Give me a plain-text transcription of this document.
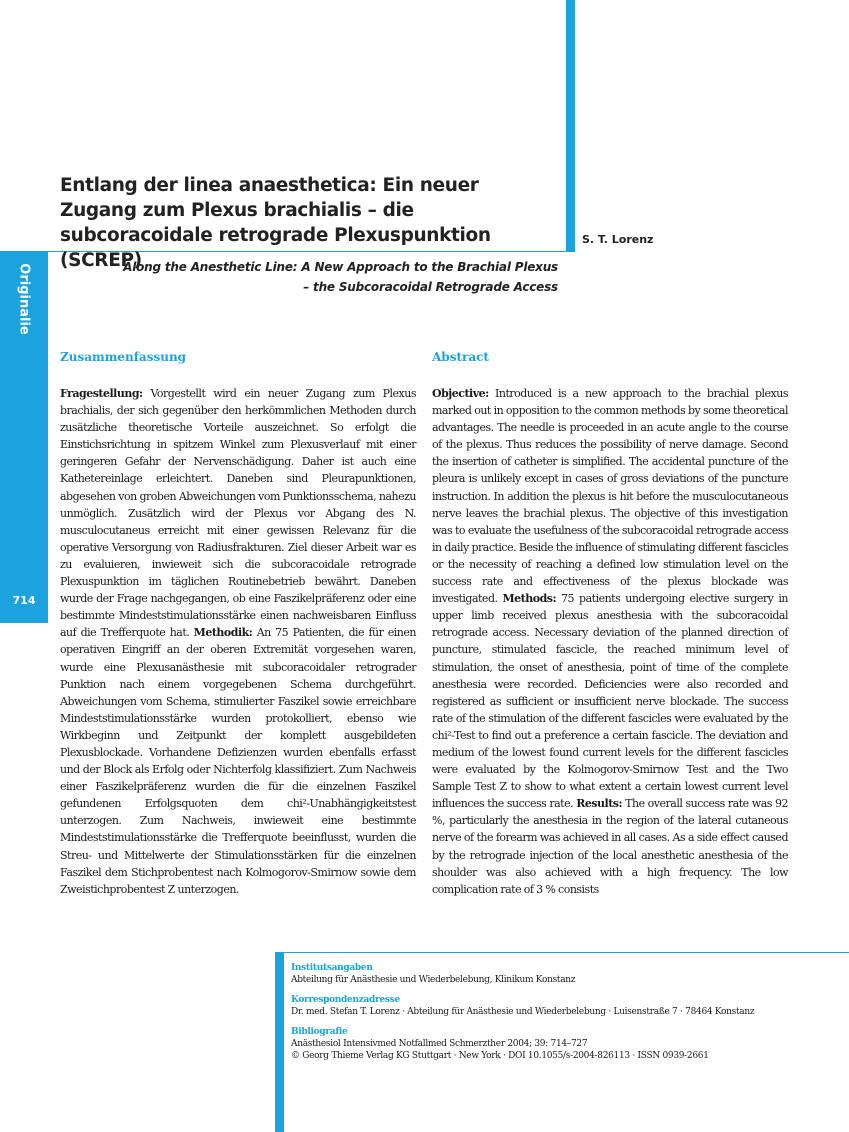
Originalie
714
Entlang der linea anaesthetica: Ein neuer Zugang zum Plexus brachialis – die subcoracoidale retrograde Plexuspunktion (SCREP)
S. T. Lorenz

Along the Anesthetic Line: A New Approach to the Brachial Plexus – the Subcoracoidal Retrograde Access

Zusammenfassung	Abstract

Fragestellung: Vorgestellt wird ein neuer Zugang zum Plexus brachialis, der sich gegenüber den herkömmlichen Methoden durch zusätzliche theoretische Vorteile auszeichnet. So erfolgt die Einstichsrichtung in spitzem Winkel zum Plexusverlauf mit einer geringeren Gefahr der Nervenschädigung. Daher ist auch eine Kathetereinlage erleichtert. Daneben sind Pleurapunktionen, abgesehen von groben Abweichungen vom Punktionsschema, nahezu unmöglich. Zusätzlich wird der Plexus vor Abgang des N. musculocutaneus erreicht mit einer gewissen Relevanz für die operative Versorgung von Radiusfrakturen. Ziel dieser Arbeit war es zu evaluieren, inwieweit sich die subcoracoidale retrograde Plexuspunktion im täglichen Routinebetrieb bewährt. Daneben wurde der Frage nachgegangen, ob eine Faszikelpräferenz oder eine bestimmte Mindeststimulationsstärke einen nachweisbaren Einfluss auf die Trefferquote hat. Methodik: An 75 Patienten, die für einen operativen Eingriff an der oberen Extremität vorgesehen waren, wurde eine Plexusanästhesie mit subcoracoidaler retrograder Punktion nach einem vorgegebenen Schema durchgeführt. Abweichungen vom Schema, stimulierter Faszikel sowie erreichbare Mindeststimulationsstärke wurden protokolliert, ebenso wie Wirkbeginn und Zeitpunkt der komplett ausgebildeten Plexusblockade. Vorhandene Defizienzen wurden ebenfalls erfasst und der Block als Erfolg oder Nichterfolg klassifiziert. Zum Nachweis einer Faszikelpräferenz wurden die für die einzelnen Faszikel gefundenen Erfolgsquoten dem chi²-Unabhängigkeitstest unterzogen. Zum Nachweis, inwieweit eine bestimmte Mindeststimulationsstärke die Trefferquote beeinflusst, wurden die Streu- und Mittelwerte der Stimulationsstärken für die einzelnen Faszikel dem Stichprobentest nach Kolmogorov-Smirnow sowie dem Zweistichprobentest Z unterzogen.

Objective: Introduced is a new approach to the brachial plexus marked out in opposition to the common methods by some theoretical advantages. The needle is proceeded in an acute angle to the course of the plexus. Thus reduces the possibility of nerve damage. Second the insertion of catheter is simplified. The accidental puncture of the pleura is unlikely except in cases of gross deviations of the puncture instruction. In addition the plexus is hit before the musculocutaneous nerve leaves the brachial plexus. The objective of this investigation was to evaluate the usefulness of the subcoracoidal retrograde access in daily practice. Beside the influence of stimulating different fascicles or the necessity of reaching a defined low stimulation level on the success rate and effectiveness of the plexus blockade was investigated. Methods: 75 patients undergoing elective surgery in upper limb received plexus anesthesia with the subcoracoidal retrograde access. Necessary deviation of the planned direction of puncture, stimulated fascicle, the reached minimum level of stimulation, the onset of anesthesia, point of time of the complete anesthesia were recorded. Deficiencies were also recorded and registered as sufficient or insufficient nerve blockade. The success rate of the stimulation of the different fascicles were evaluated by the chi²-Test to find out a preference a certain fascicle. The deviation and medium of the lowest found current levels for the different fascicles were evaluated by the Kolmogorov-Smirnow Test and the Two Sample Test Z to show to what extent a certain lowest current level influences the success rate. Results: The overall success rate was 92 %, particularly the anesthesia in the region of the lateral cutaneous nerve of the forearm was achieved in all cases. As a side effect caused by the retrograde injection of the local anesthetic anesthesia of the shoulder was also achieved with a high frequency. The low complication rate of 3 % consists

Institutsangaben
Abteilung für Anästhesie und Wiederbelebung, Klinikum Konstanz
Korrespondenzadresse
Dr. med. Stefan T. Lorenz · Abteilung für Anästhesie und Wiederbelebung · Luisenstraße 7 · 78464 Konstanz
Bibliografie
Anästhesiol Intensivmed Notfallmed Schmerzther 2004; 39: 714–727
© Georg Thieme Verlag KG Stuttgart · New York · DOI 10.1055/s-2004-826113 · ISSN 0939-2661
